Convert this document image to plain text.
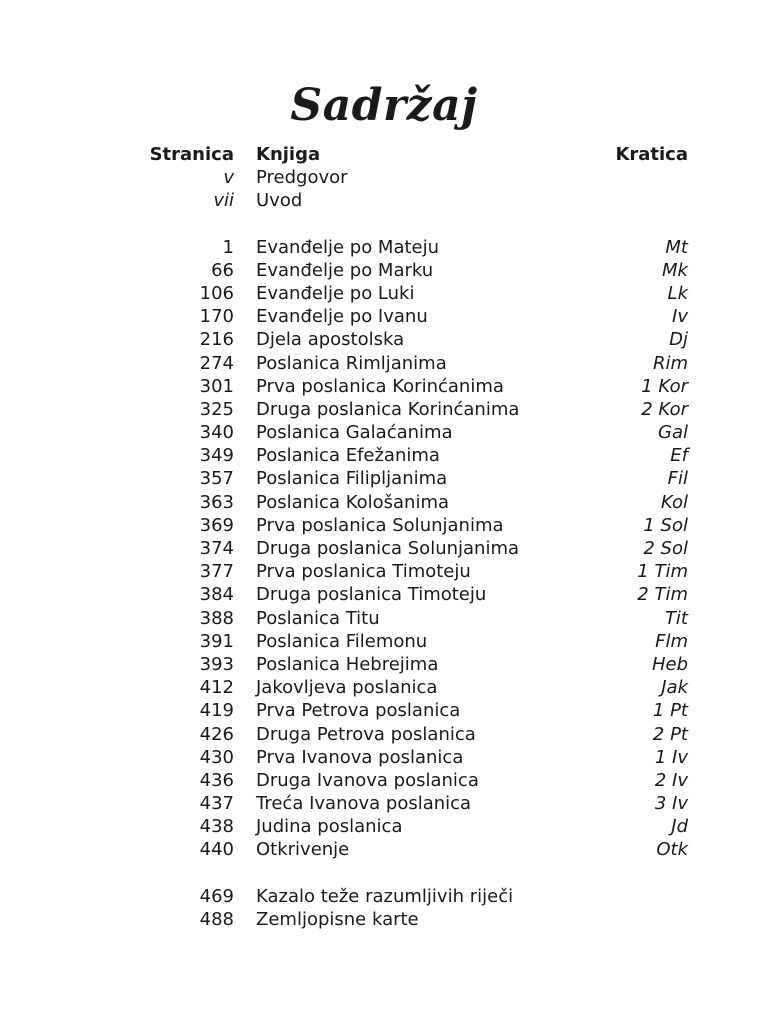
Sadržaj
Stranica	Knjiga	Kratica
v	Predgovor
vii	Uvod
1	Evanđelje po Mateju	Mt
66	Evanđelje po Marku	Mk
106	Evanđelje po Luki	Lk
170	Evanđelje po Ivanu	Iv
216	Djela apostolska	Dj
274	Poslanica Rimljanima	Rim
301	Prva poslanica Korinćanima	1 Kor
325	Druga poslanica Korinćanima	2 Kor
340	Poslanica Galaćanima	Gal
349	Poslanica Efežanima	Ef
357	Poslanica Filipljanima	Fil
363	Poslanica Kološanima	Kol
369	Prva poslanica Solunjanima	1 Sol
374	Druga poslanica Solunjanima	2 Sol
377	Prva poslanica Timoteju	1 Tim
384	Druga poslanica Timoteju	2 Tim
388	Poslanica Titu	Tit
391	Poslanica Filemonu	Flm
393	Poslanica Hebrejima	Heb
412	Jakovljeva poslanica	Jak
419	Prva Petrova poslanica	1 Pt
426	Druga Petrova poslanica	2 Pt
430	Prva Ivanova poslanica	1 Iv
436	Druga Ivanova poslanica	2 Iv
437	Treća Ivanova poslanica	3 Iv
438	Judina poslanica	Jd
440	Otkrivenje	Otk
469	Kazalo teže razumljivih riječi
488	Zemljopisne karte
